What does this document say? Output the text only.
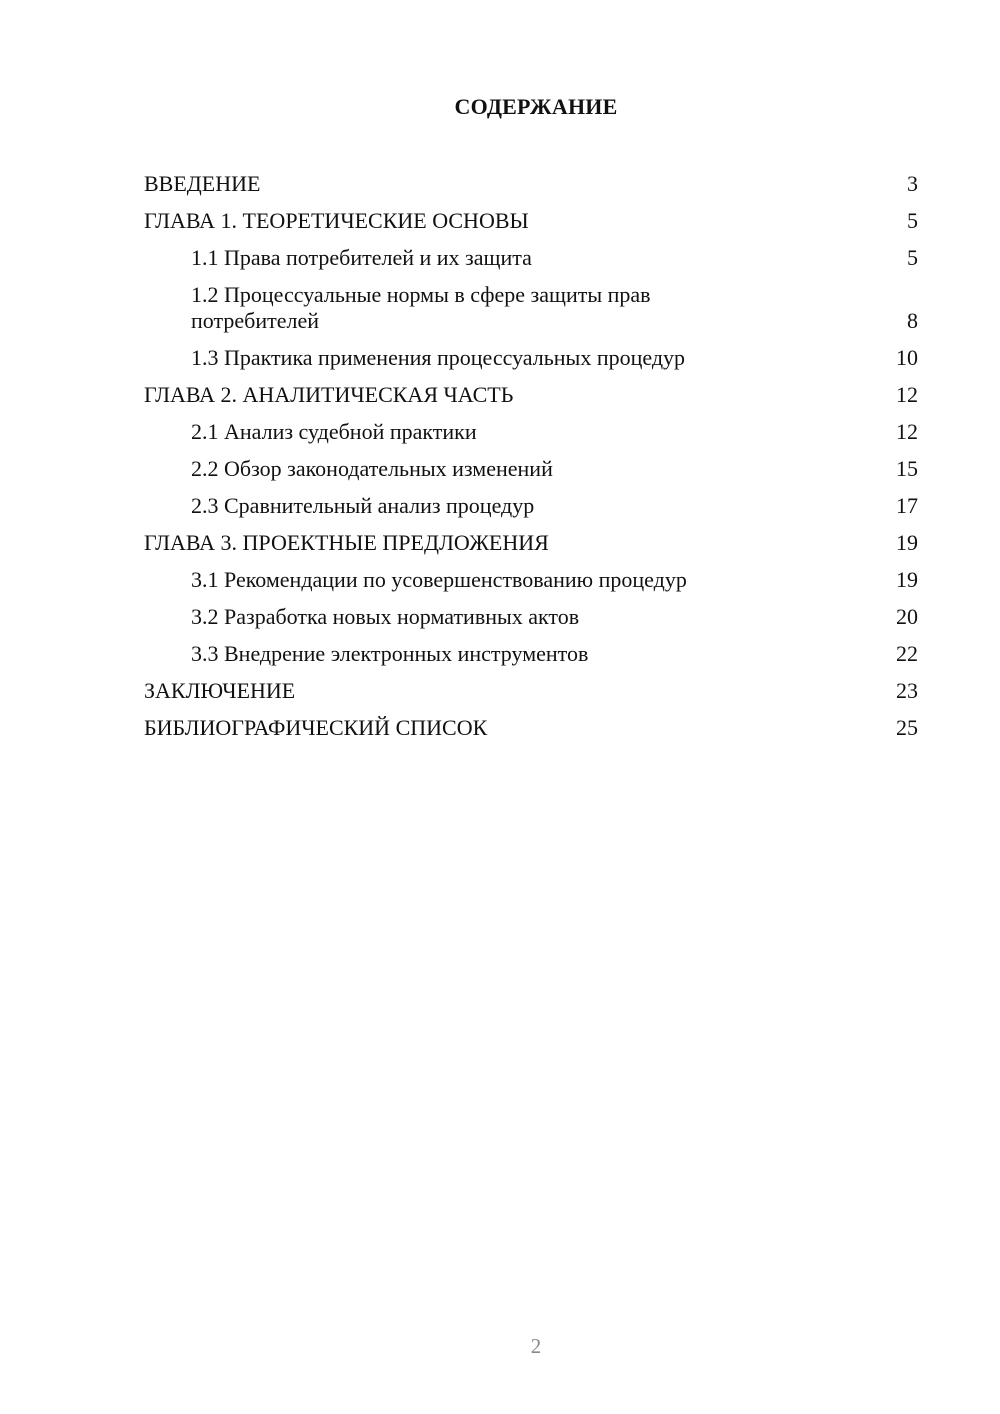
СОДЕРЖАНИЕ
ВВЕДЕНИЕ	3
ГЛАВА 1. ТЕОРЕТИЧЕСКИЕ ОСНОВЫ	5
1.1 Права потребителей и их защита	5
1.2 Процессуальные нормы в сфере защиты прав потребителей	8
1.3 Практика применения процессуальных процедур	10
ГЛАВА 2. АНАЛИТИЧЕСКАЯ ЧАСТЬ	12
2.1 Анализ судебной практики	12
2.2 Обзор законодательных изменений	15
2.3 Сравнительный анализ процедур	17
ГЛАВА 3. ПРОЕКТНЫЕ ПРЕДЛОЖЕНИЯ	19
3.1 Рекомендации по усовершенствованию процедур	19
3.2 Разработка новых нормативных актов	20
3.3 Внедрение электронных инструментов	22
ЗАКЛЮЧЕНИЕ	23
БИБЛИОГРАФИЧЕСКИЙ СПИСОК	25
2
